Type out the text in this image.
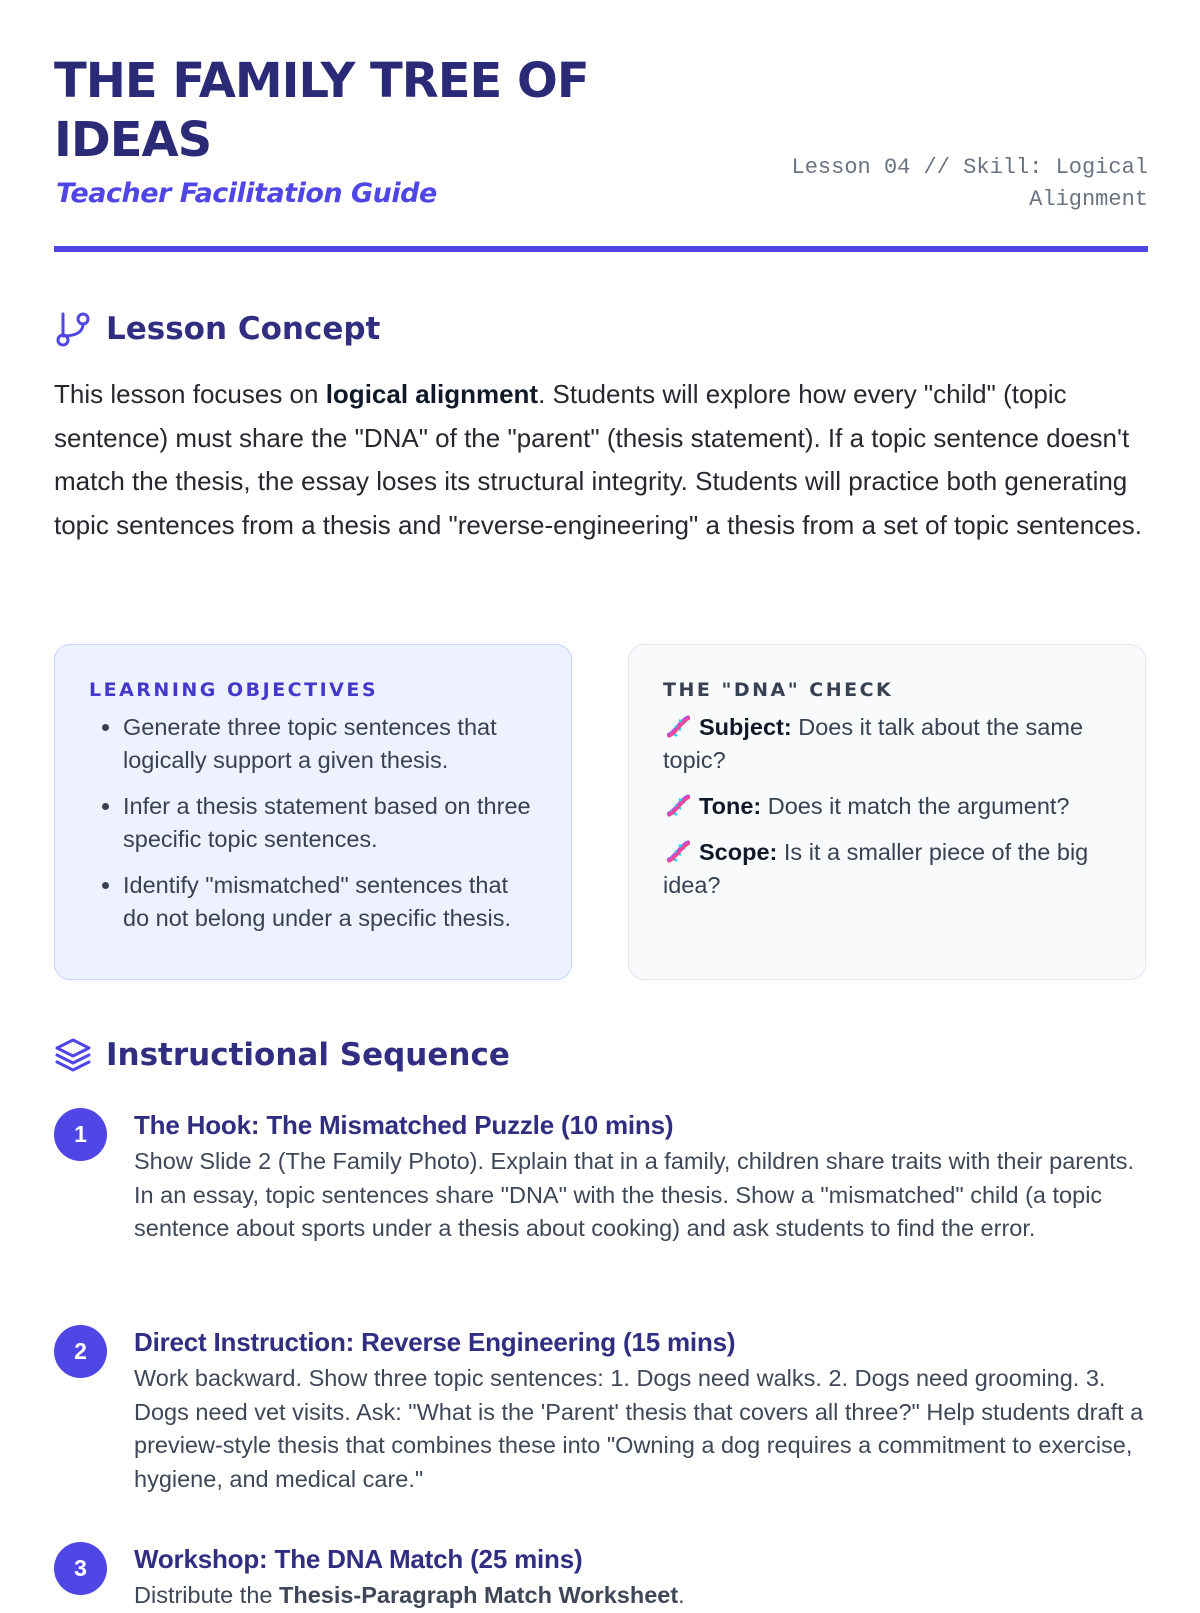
THE FAMILY TREE OF IDEAS

Teacher Facilitation Guide

Lesson 04 // Skill: Logical Alignment
Lesson Concept

This lesson focuses on logical alignment. Students will explore how every "child" (topic sentence) must share the "DNA" of the "parent" (thesis statement). If a topic sentence doesn't match the thesis, the essay loses its structural integrity. Students will practice both generating topic sentences from a thesis and "reverse-engineering" a thesis from a set of topic sentences.

LEARNING OBJECTIVES
• Generate three topic sentences that logically support a given thesis.
• Infer a thesis statement based on three specific topic sentences.
• Identify "mismatched" sentences that do not belong under a specific thesis.
THE "DNA" CHECK

Subject: Does it talk about the same topic?

Tone: Does it match the argument?

Scope: Is it a smaller piece of the big idea?

Instructional Sequence
1	The Hook: The Mismatched Puzzle (10 mins)

Show Slide 2 (The Family Photo). Explain that in a family, children share traits with their parents. In an essay, topic sentences share "DNA" with the thesis. Show a "mismatched" child (a topic sentence about sports under a thesis about cooking) and ask students to find the error.

2	Direct Instruction: Reverse Engineering (15 mins)

Work backward. Show three topic sentences: 1. Dogs need walks. 2. Dogs need grooming. 3. Dogs need vet visits. Ask: "What is the 'Parent' thesis that covers all three?" Help students draft a preview-style thesis that combines these into "Owning a dog requires a commitment to exercise, hygiene, and medical care."

3	Workshop: The DNA Match (25 mins)

Distribute the Thesis-Paragraph Match Worksheet.
